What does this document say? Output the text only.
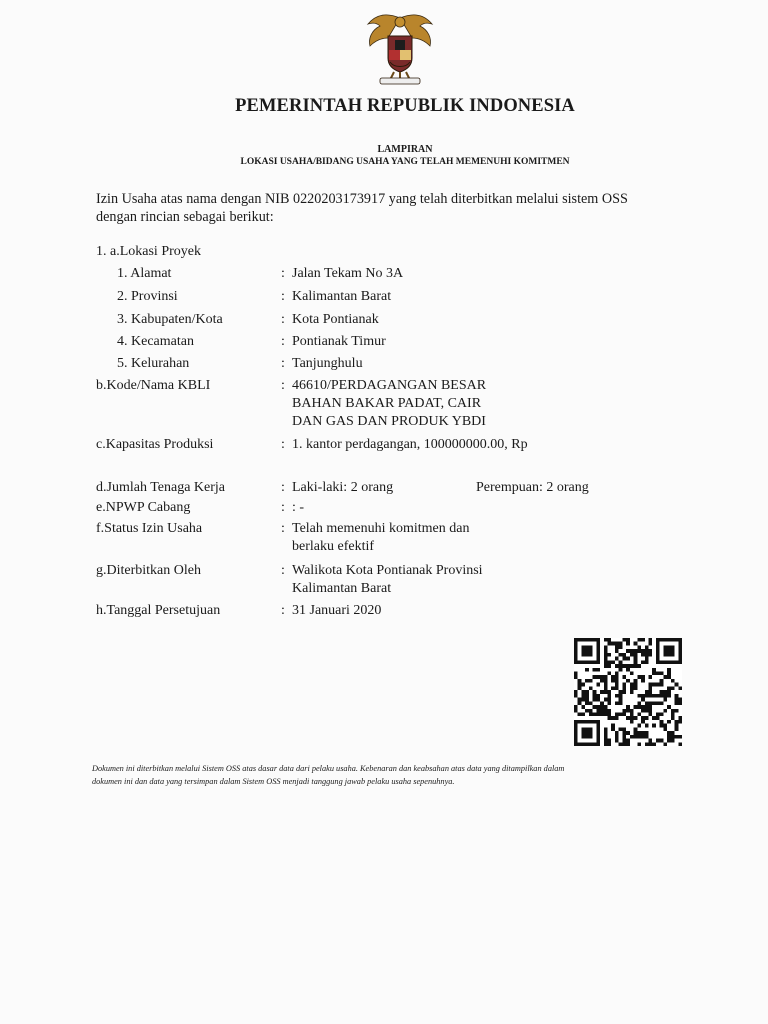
PEMERINTAH REPUBLIK INDONESIA
LAMPIRAN
LOKASI USAHA/BIDANG USAHA YANG TELAH MEMENUHI KOMITMEN
Izin Usaha atas nama dengan NIB 0220203173917 yang telah diterbitkan melalui sistem OSS
dengan rincian sebagai berikut:
1. a.Lokasi Proyek
1. Alamat	: Jalan Tekam No 3A
2. Provinsi	: Kalimantan Barat
3. Kabupaten/Kota	: Kota Pontianak
4. Kecamatan	: Pontianak Timur
5. Kelurahan	: Tanjunghulu
b.Kode/Nama KBLI	: 46610/PERDAGANGAN BESAR
BAHAN BAKAR PADAT, CAIR
DAN GAS DAN PRODUK YBDI
c.Kapasitas Produksi	: 1. kantor perdagangan, 100000000.00, Rp
d.Jumlah Tenaga Kerja	: Laki-laki: 2 orang	Perempuan: 2 orang
e.NPWP Cabang	: : -
f.Status Izin Usaha	: Telah memenuhi komitmen dan
berlaku efektif
g.Diterbitkan Oleh	: Walikota Kota Pontianak Provinsi
Kalimantan Barat
h.Tanggal Persetujuan	: 31 Januari 2020
Dokumen ini diterbitkan melalui Sistem OSS atas dasar data dari pelaku usaha. Kebenaran dan keabsahan atas data yang ditampilkan dalam
dokumen ini dan data yang tersimpan dalam Sistem OSS menjadi tanggung jawab pelaku usaha sepenuhnya.
